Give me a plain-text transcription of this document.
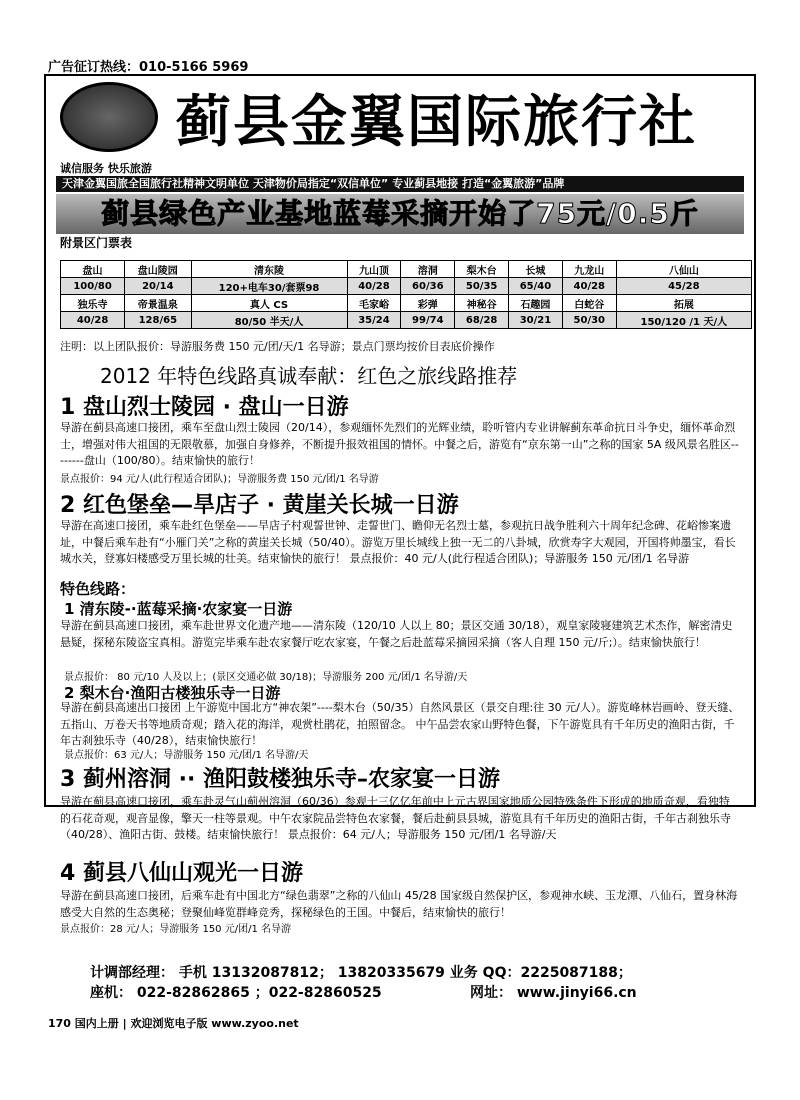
广告征订热线：010-5166 5969
蓟县金翼国际旅行社
诚信服务 快乐旅游
天津金翼国旅全国旅行社精神文明单位 天津物价局指定“双信单位” 专业蓟县地接 打造“金翼旅游”品牌
蓟县绿色产业基地蓝莓采摘开始了75元/0.5斤
附景区门票表
盘山	盘山陵园	清东陵	九山顶	溶洞	梨木台	长城	九龙山	八仙山
100/80	20/14	120+电车30/套票98	40/28	60/36	50/35	65/40	40/28	45/28
独乐寺	帝景温泉	真人 CS	毛家峪	彩弹	神秘谷	石趣园	白蛇谷	拓展
40/28	128/65	80/50 半天/人	35/24	99/74	68/28	30/21	50/30	150/120 /1 天/人
注明：以上团队报价：导游服务费 150 元/团/天/1 名导游；景点门票均按价目表底价操作
2012 年特色线路真诚奉献：红色之旅线路推荐
1 盘山烈士陵园 · 盘山一日游
导游在蓟县高速口接团，乘车至盘山烈士陵园（20/14），参观缅怀先烈们的光辉业绩，聆听管内专业讲解蓟东革命抗日斗争史，缅怀革命烈士，增强对伟大祖国的无限敬慕，加强自身修养，不断提升报效祖国的情怀。中餐之后，游览有“京东第一山”之称的国家 5A 级风景名胜区--------盘山（100/80）。结束愉快的旅行！
景点报价：94 元/人(此行程适合团队)；导游服务费 150 元/团/1 名导游
2 红色堡垒—旱店子 · 黄崖关长城一日游
导游在高速口接团，乘车赴红色堡垒——旱店子村观誓世钟、走誓世门、瞻仰无名烈士墓，参观抗日战争胜利六十周年纪念碑、花峪惨案遗址，中餐后乘车赴有“小雁门关”之称的黄崖关长城（50/40）。游览万里长城线上独一无二的八卦城，欣赏寿字大观园，开国将帅墨宝，看长城水关，登寡妇楼感受万里长城的壮美。结束愉快的旅行！ 景点报价：40 元/人(此行程适合团队)；导游服务 150 元/团/1 名导游
特色线路：
1 清东陵-·蓝莓采摘·农家宴一日游
导游在蓟县高速口接团，乘车赴世界文化遗产地——清东陵（120/10 人以上 80；景区交通 30/18），观皇家陵寝建筑艺术杰作，解密清史悬疑，探秘东陵盗宝真相。游览完毕乘车赴农家餐厅吃农家宴，午餐之后赴蓝莓采摘园采摘（客人自理 150 元/斤;）。结束愉快旅行！
景点报价： 80 元/10 人及以上；(景区交通必做 30/18)；导游服务 200 元/团/1 名导游/天
2 梨木台·渔阳古楼独乐寺一日游
导游在蓟县高速出口接团 上午游览中国北方“神农架”----梨木台（50/35）自然风景区（景交自理:往 30 元/人）。游览峰林岩画岭、登天缝、五指山、万卷天书等地质奇观；踏入花的海洋，观赏杜鹃花，拍照留念。 中午品尝农家山野特色餐，下午游览具有千年历史的渔阳古街，千年古刹独乐寺（40/28），结束愉快旅行！
景点报价：63 元/人；导游服务 150 元/团/1 名导游/天
3 蓟州溶洞 ·· 渔阳鼓楼独乐寺–农家宴一日游
导游在蓟县高速口接团，乘车赴灵气山蓟州溶洞（60/36）参观十三亿亿年前中上元古界国家地质公园特殊条件下形成的地质奇观，看独特的石花奇观，观音显像，擎天一柱等景观。中午农家院品尝特色农家餐，餐后赴蓟县县城，游览具有千年历史的渔阳古街，千年古刹独乐寺（40/28）、渔阳古街、鼓楼。结束愉快旅行！ 景点报价：64 元/人；导游服务 150 元/团/1 名导游/天
4 蓟县八仙山观光一日游
导游在蓟县高速口接团，后乘车赴有中国北方“绿色翡翠”之称的八仙山 45/28 国家级自然保护区，参观神水峡、玉龙潭、八仙石，置身林海感受大自然的生态奥秘；登聚仙峰览群峰竞秀，探秘绿色的王国。中餐后，结束愉快的旅行！
景点报价：28 元/人；导游服务 150 元/团/1 名导游
计调部经理： 手机 13132087812； 13820335679 业务 QQ：2225087188；
座机： 022-82862865 ；022-82860525	网址： www.jinyi66.cn
170 国内上册 | 欢迎浏览电子版 www.zyoo.net
